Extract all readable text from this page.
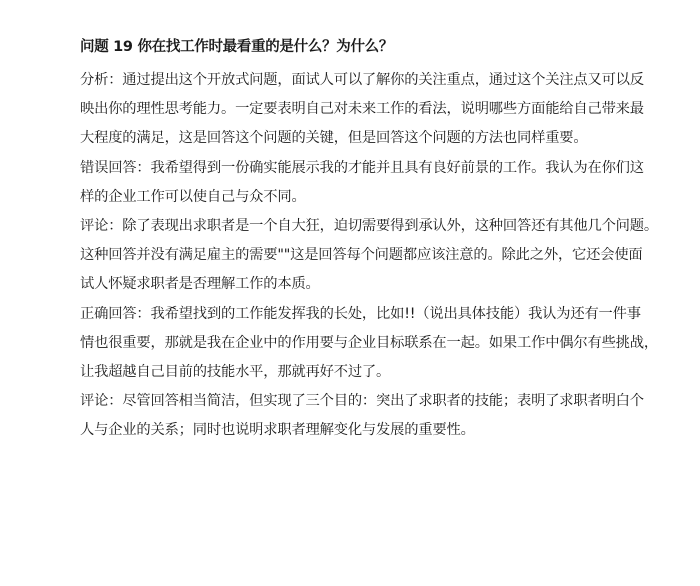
问题 19 你在找工作时最看重的是什么？为什么？

分析：通过提出这个开放式问题，面试人可以了解你的关注重点，通过这个关注点又可以反
映出你的理性思考能力。一定要表明自己对未来工作的看法，说明哪些方面能给自己带来最
大程度的满足，这是回答这个问题的关键，但是回答这个问题的方法也同样重要。

错误回答：我希望得到一份确实能展示我的才能并且具有良好前景的工作。我认为在你们这
样的企业工作可以使自己与众不同。

评论：除了表现出求职者是一个自大狂，迫切需要得到承认外，这种回答还有其他几个问题。
这种回答并没有满足雇主的需要""这是回答每个问题都应该注意的。除此之外，它还会使面
试人怀疑求职者是否理解工作的本质。

正确回答：我希望找到的工作能发挥我的长处，比如!!（说出具体技能）我认为还有一件事
情也很重要，那就是我在企业中的作用要与企业目标联系在一起。如果工作中偶尔有些挑战，
让我超越自己目前的技能水平，那就再好不过了。

评论：尽管回答相当简洁，但实现了三个目的：突出了求职者的技能；表明了求职者明白个
人与企业的关系；同时也说明求职者理解变化与发展的重要性。
